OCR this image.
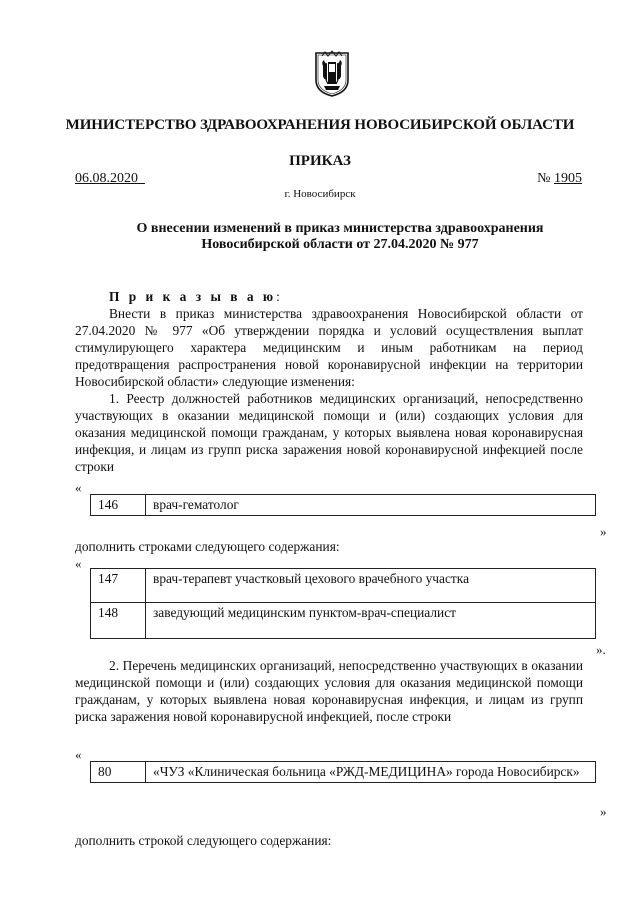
МИНИСТЕРСТВО ЗДРАВООХРАНЕНИЯ НОВОСИБИРСКОЙ ОБЛАСТИ
ПРИКАЗ
06.08.2020	№ 1905
г. Новосибирск
О внесении изменений в приказ министерства здравоохранения
Новосибирской области от 27.04.2020 № 977

П р и к а з ы в а ю:

Внести в приказ министерства здравоохранения Новосибирской области от 27.04.2020 № 977 «Об утверждении порядка и условий осуществления выплат стимулирующего характера медицинским и иным работникам на период предотвращения распространения новой коронавирусной инфекции на территории Новосибирской области» следующие изменения:

1. Реестр должностей работников медицинских организаций, непосредственно участвующих в оказании медицинской помощи и (или) создающих условия для оказания медицинской помощи гражданам, у которых выявлена новая коронавирусная инфекция, и лицам из групп риска заражения новой коронавирусной инфекцией после строки

«
146	врач-гематолог
»
дополнить строками следующего содержания:
«
147	врач-терапевт участковый цехового врачебного участка
148	заведующий медицинским пунктом-врач-специалист
».

2. Перечень медицинских организаций, непосредственно участвующих в оказании медицинской помощи и (или) создающих условия для оказания медицинской помощи гражданам, у которых выявлена новая коронавирусная инфекция, и лицам из групп риска заражения новой коронавирусной инфекцией, после строки

«
80	«ЧУЗ «Клиническая больница «РЖД-МЕДИЦИНА» города Новосибирск»
»
дополнить строкой следующего содержания:
